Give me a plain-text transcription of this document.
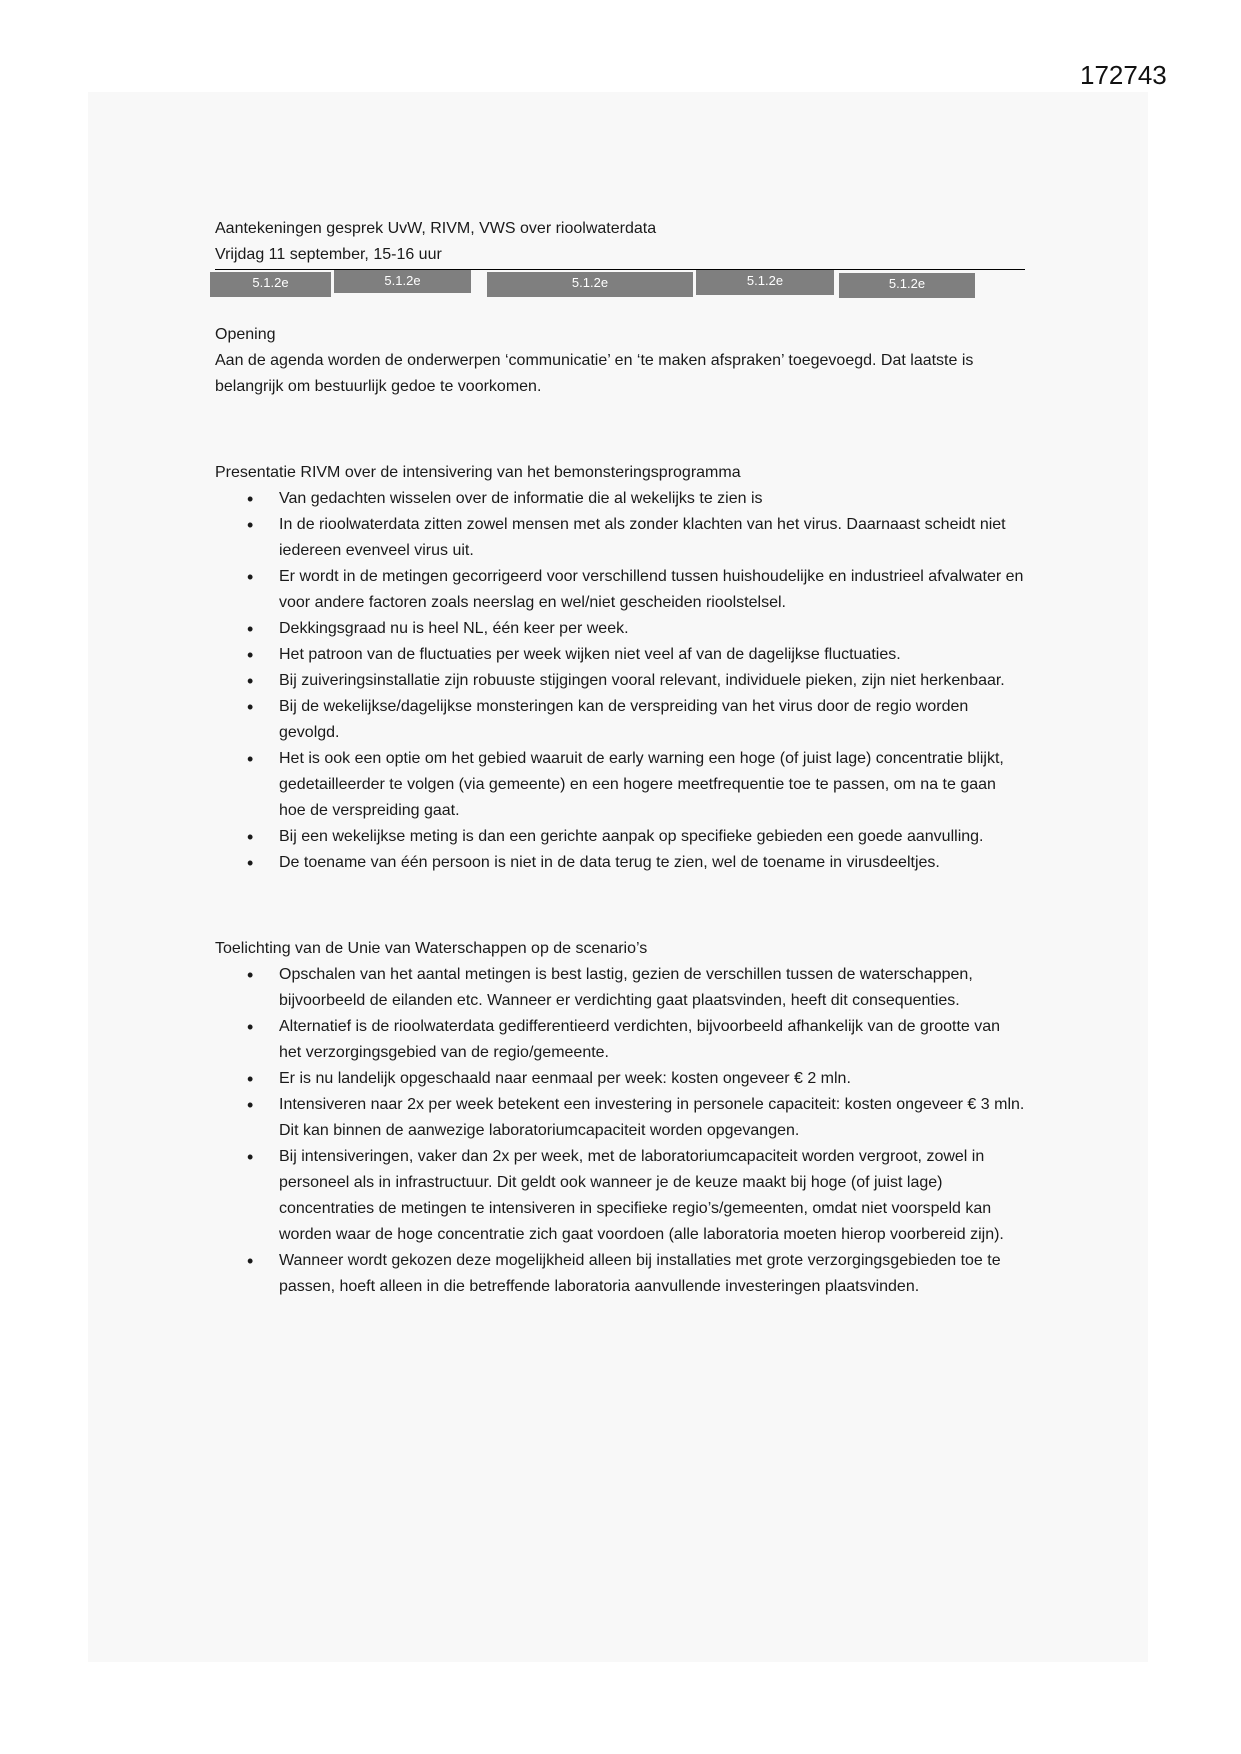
172743
Aantekeningen gesprek UvW, RIVM, VWS over rioolwaterdata
Vrijdag 11 september, 15-16 uur
5.1.2e	5.1.2e	5.1.2e	5.1.2e	5.1.2e
Opening

Aan de agenda worden de onderwerpen ‘communicatie’ en ‘te maken afspraken’ toegevoegd. Dat laatste is belangrijk om bestuurlijk gedoe te voorkomen.

Presentatie RIVM over de intensivering van het bemonsteringsprogramma
• Van gedachten wisselen over de informatie die al wekelijks te zien is
• In de rioolwaterdata zitten zowel mensen met als zonder klachten van het virus. Daarnaast scheidt niet iedereen evenveel virus uit.
• Er wordt in de metingen gecorrigeerd voor verschillend tussen huishoudelijke en industrieel afvalwater en voor andere factoren zoals neerslag en wel/niet gescheiden rioolstelsel.
• Dekkingsgraad nu is heel NL, één keer per week.
• Het patroon van de fluctuaties per week wijken niet veel af van de dagelijkse fluctuaties.
• Bij zuiveringsinstallatie zijn robuuste stijgingen vooral relevant, individuele pieken, zijn niet herkenbaar.
• Bij de wekelijkse/dagelijkse monsteringen kan de verspreiding van het virus door de regio worden gevolgd.
• Het is ook een optie om het gebied waaruit de early warning een hoge (of juist lage) concentratie blijkt, gedetailleerder te volgen (via gemeente) en een hogere meetfrequentie toe te passen, om na te gaan hoe de verspreiding gaat.
• Bij een wekelijkse meting is dan een gerichte aanpak op specifieke gebieden een goede aanvulling.
• De toename van één persoon is niet in de data terug te zien, wel de toename in virusdeeltjes.
Toelichting van de Unie van Waterschappen op de scenario’s
• Opschalen van het aantal metingen is best lastig, gezien de verschillen tussen de waterschappen, bijvoorbeeld de eilanden etc. Wanneer er verdichting gaat plaatsvinden, heeft dit consequenties.
• Alternatief is de rioolwaterdata gedifferentieerd verdichten, bijvoorbeeld afhankelijk van de grootte van het verzorgingsgebied van de regio/gemeente.
• Er is nu landelijk opgeschaald naar eenmaal per week: kosten ongeveer € 2 mln.
• Intensiveren naar 2x per week betekent een investering in personele capaciteit: kosten ongeveer € 3 mln. Dit kan binnen de aanwezige laboratoriumcapaciteit worden opgevangen.
• Bij intensiveringen, vaker dan 2x per week, met de laboratoriumcapaciteit worden vergroot, zowel in personeel als in infrastructuur. Dit geldt ook wanneer je de keuze maakt bij hoge (of juist lage) concentraties de metingen te intensiveren in specifieke regio’s/gemeenten, omdat niet voorspeld kan worden waar de hoge concentratie zich gaat voordoen (alle laboratoria moeten hierop voorbereid zijn).
• Wanneer wordt gekozen deze mogelijkheid alleen bij installaties met grote verzorgingsgebieden toe te passen, hoeft alleen in die betreffende laboratoria aanvullende investeringen plaatsvinden.
